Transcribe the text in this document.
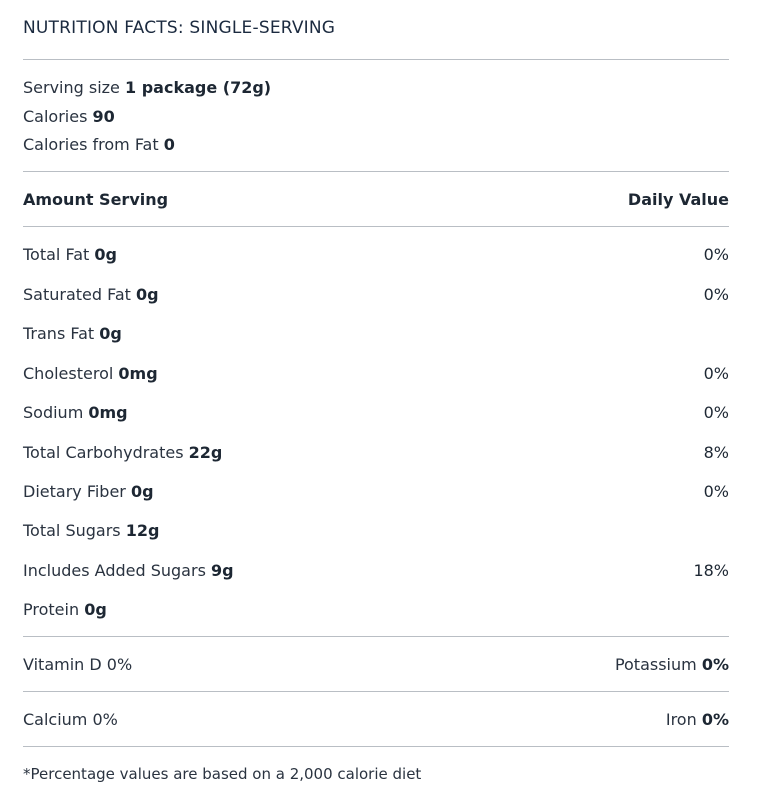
NUTRITION FACTS: SINGLE-SERVING
Serving size 1 package (72g)
Calories 90
Calories from Fat 0
Amount Serving	Daily Value
Total Fat 0g	0%
Saturated Fat 0g	0%
Trans Fat 0g
Cholesterol 0mg	0%
Sodium 0mg	0%
Total Carbohydrates 22g	8%
Dietary Fiber 0g	0%
Total Sugars 12g
Includes Added Sugars 9g	18%
Protein 0g
Vitamin D 0%	Potassium 0%
Calcium 0%	Iron 0%
*Percentage values are based on a 2,000 calorie diet
